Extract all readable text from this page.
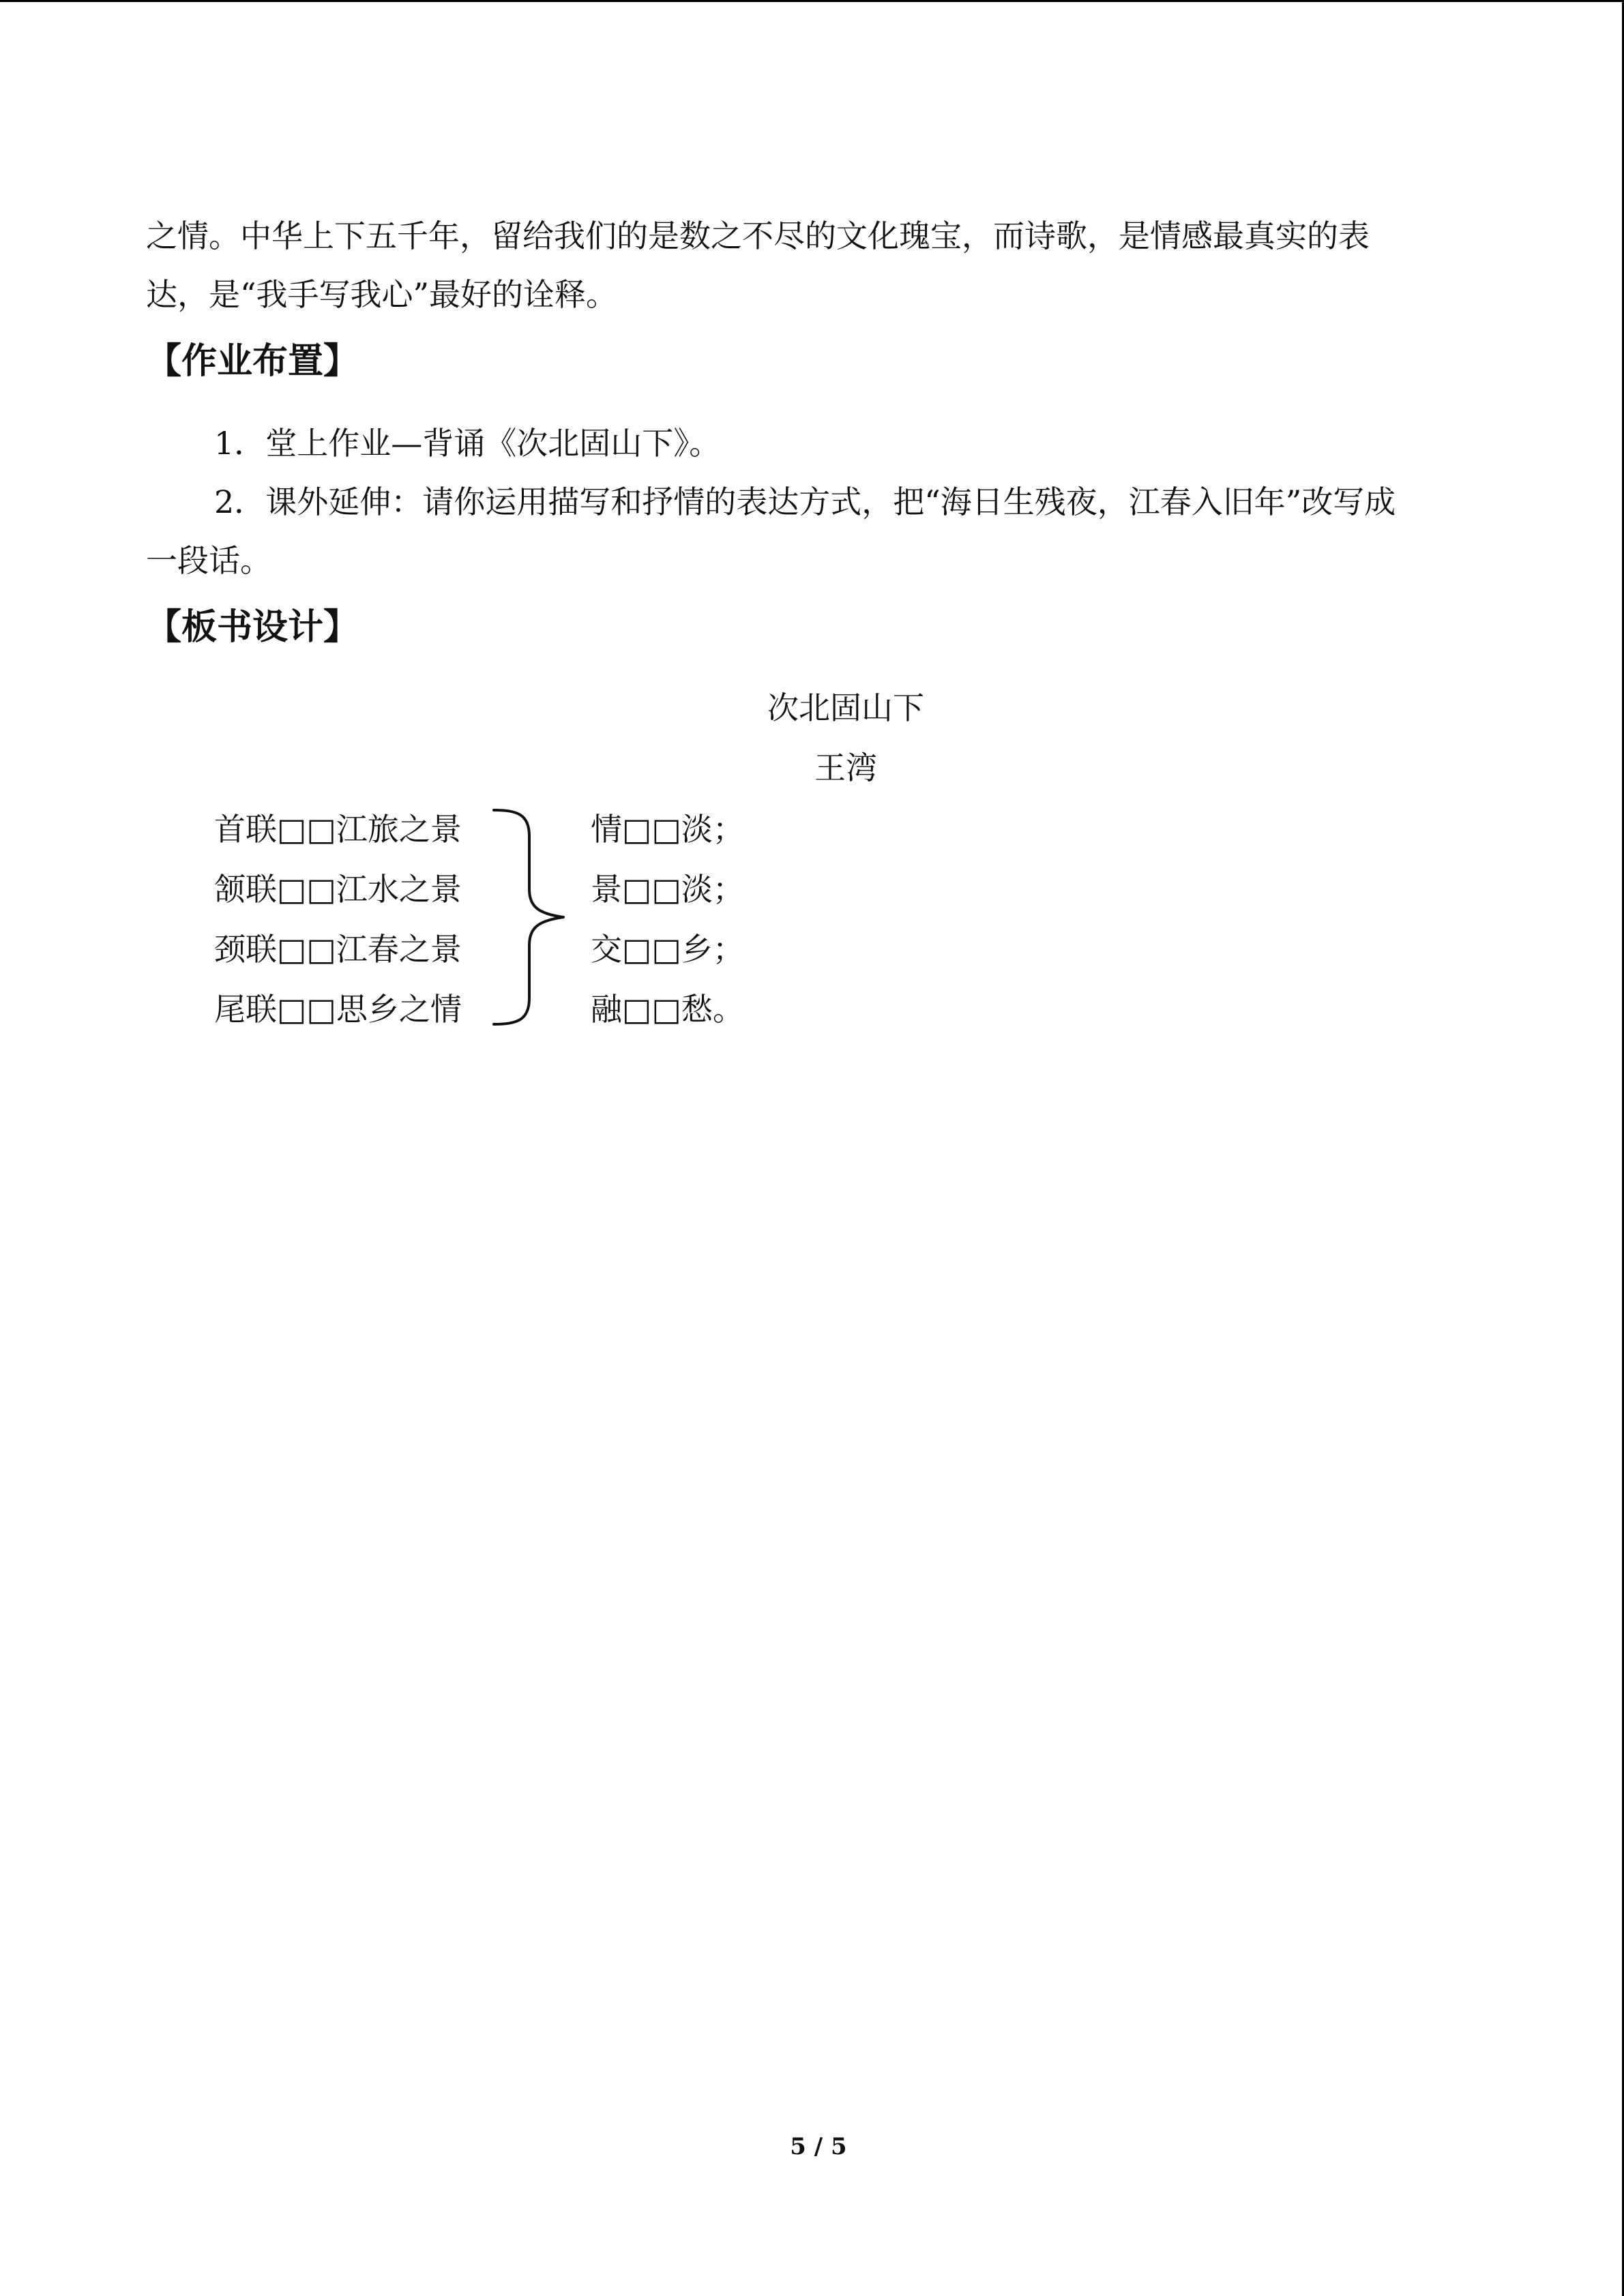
之情。中华上下五千年，留给我们的是数之不尽的文化瑰宝，而诗歌，是情感最真实的表
达，是“我手写我心”最好的诠释。
【作业布置】
1．堂上作业—背诵《次北固山下》。
2．课外延伸：请你运用描写和抒情的表达方式，把“海日生残夜，江春入旧年”改写成
一段话。
【板书设计】
次北固山下
王湾
首联□□江旅之景
颔联□□江水之景
颈联□□江春之景
尾联□□思乡之情
情□□淡；
景□□淡；
交□□乡；
融□□愁。
5 / 5
